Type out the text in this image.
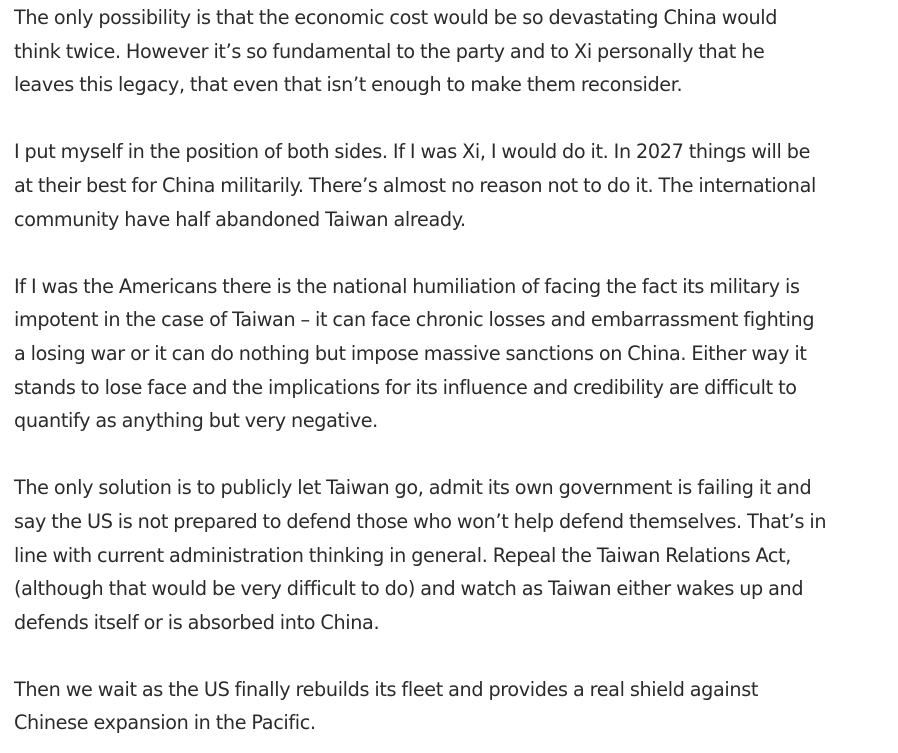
The only possibility is that the economic cost would be so devastating China would
think twice. However it’s so fundamental to the party and to Xi personally that he
leaves this legacy, that even that isn’t enough to make them reconsider.

I put myself in the position of both sides. If I was Xi, I would do it. In 2027 things will be
at their best for China militarily. There’s almost no reason not to do it. The international
community have half abandoned Taiwan already.

If I was the Americans there is the national humiliation of facing the fact its military is
impotent in the case of Taiwan – it can face chronic losses and embarrassment fighting
a losing war or it can do nothing but impose massive sanctions on China. Either way it
stands to lose face and the implications for its influence and credibility are difficult to
quantify as anything but very negative.

The only solution is to publicly let Taiwan go, admit its own government is failing it and
say the US is not prepared to defend those who won’t help defend themselves. That’s in
line with current administration thinking in general. Repeal the Taiwan Relations Act,
(although that would be very difficult to do) and watch as Taiwan either wakes up and
defends itself or is absorbed into China.

Then we wait as the US finally rebuilds its fleet and provides a real shield against
Chinese expansion in the Pacific.
